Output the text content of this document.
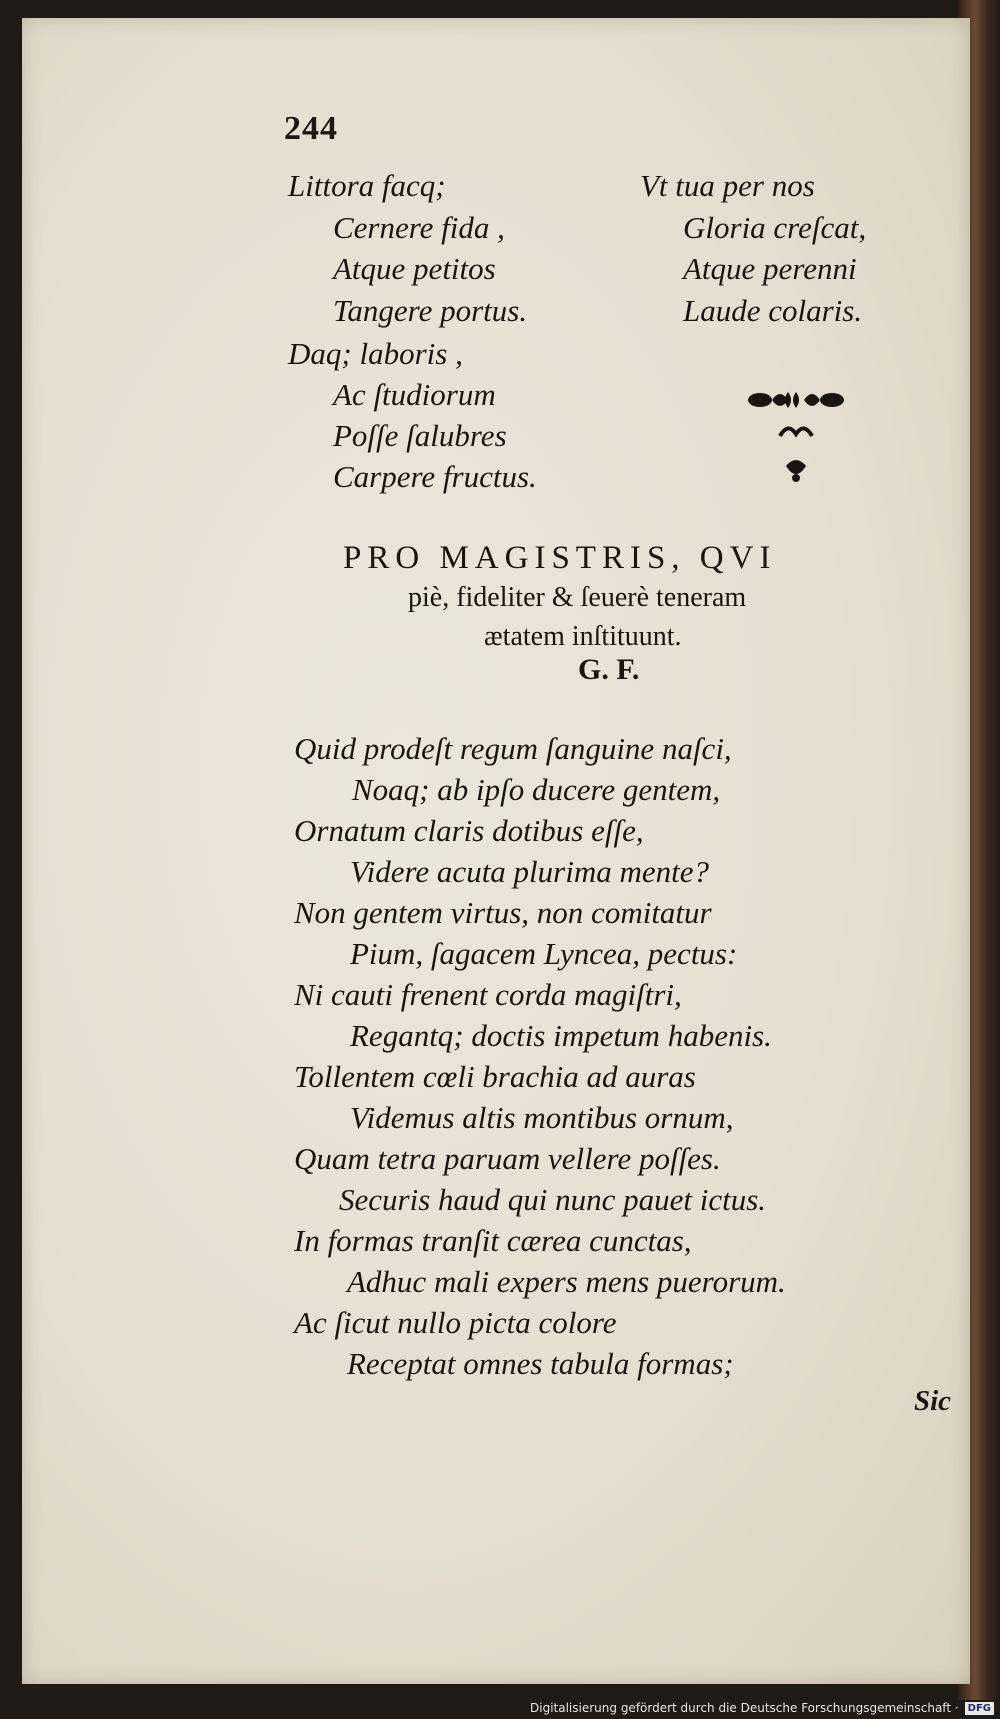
244
Littora facq;
Cernere fida ,
Atque petitos
Tangere portus.
Daq; laboris ,
Ac ſtudiorum
Poſſe ſalubres
Carpere fructus.
Vt tua per nos
Gloria creſcat,
Atque perenni
Laude colaris.
PRO MAGISTRIS, QVI
piè, fideliter & ſeuerè teneram
ætatem inſtituunt.
G. F.
Quid prodeſt regum ſanguine naſci,
Noaq; ab ipſo ducere gentem,
Ornatum claris dotibus eſſe,
Videre acuta plurima mente?
Non gentem virtus, non comitatur
Pium, ſagacem Lyncea, pectus:
Ni cauti frenent corda magiſtri,
Regantq; doctis impetum habenis.
Tollentem cœli brachia ad auras
Videmus altis montibus ornum,
Quam tetra paruam vellere poſſes.
Securis haud qui nunc pauet ictus.
In formas tranſit cærea cunctas,
Adhuc mali expers mens puerorum.
Ac ſicut nullo picta colore
Receptat omnes tabula formas;
Sic
Digitalisierung gefördert durch die Deutsche Forschungsgemeinschaft · DFG
